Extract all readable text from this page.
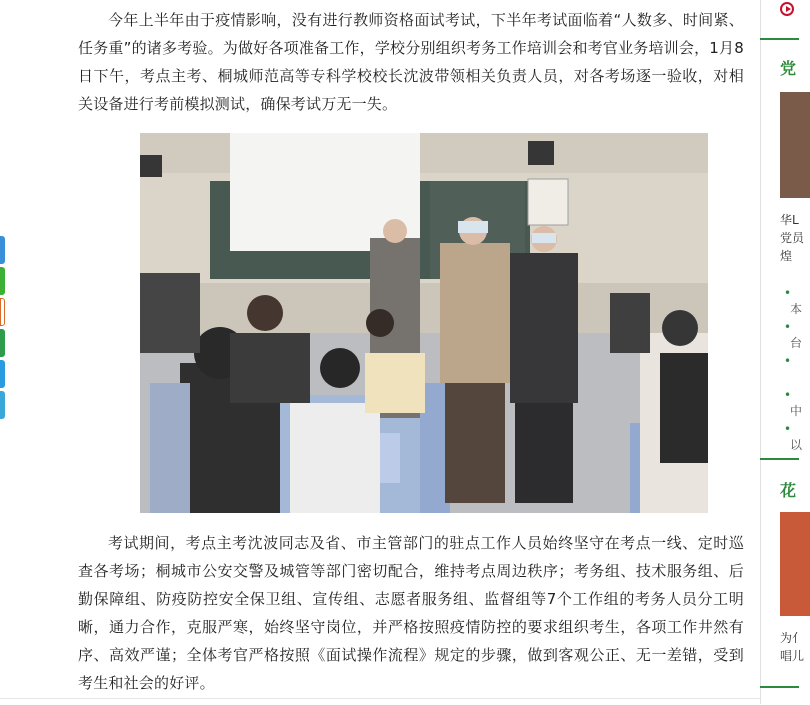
今年上半年由于疫情影响，没有进行教师资格面试考试，下半年考试面临着“人数多、时间紧、任务重”的诸多考验。为做好各项准备工作，学校分别组织考务工作培训会和考官业务培训会，1月8日下午，考点主考、桐城师范高等专科学校校长沈波带领相关负责人员，对各考场逐一验收，对相关设备进行考前模拟测试，确保考试万无一失。

考试期间，考点主考沈波同志及省、市主管部门的驻点工作人员始终坚守在考点一线、定时巡查各考场；桐城市公安交警及城管等部门密切配合，维持考点周边秩序；考务组、技术服务组、后勤保障组、防疫防控安全保卫组、宣传组、志愿者服务组、监督组等7个工作组的考务人员分工明晰，通力合作，克服严寒，始终坚守岗位，并严格按照疫情防控的要求组织考生，各项工作井然有序、高效严谨；全体考官严格按照《面试操作流程》规定的步骤，做到客观公正、无一差错，受到考生和社会的好评。

党
华L
党员
煌
•本
•台
•
•中
•以
花
为亻
唱儿
